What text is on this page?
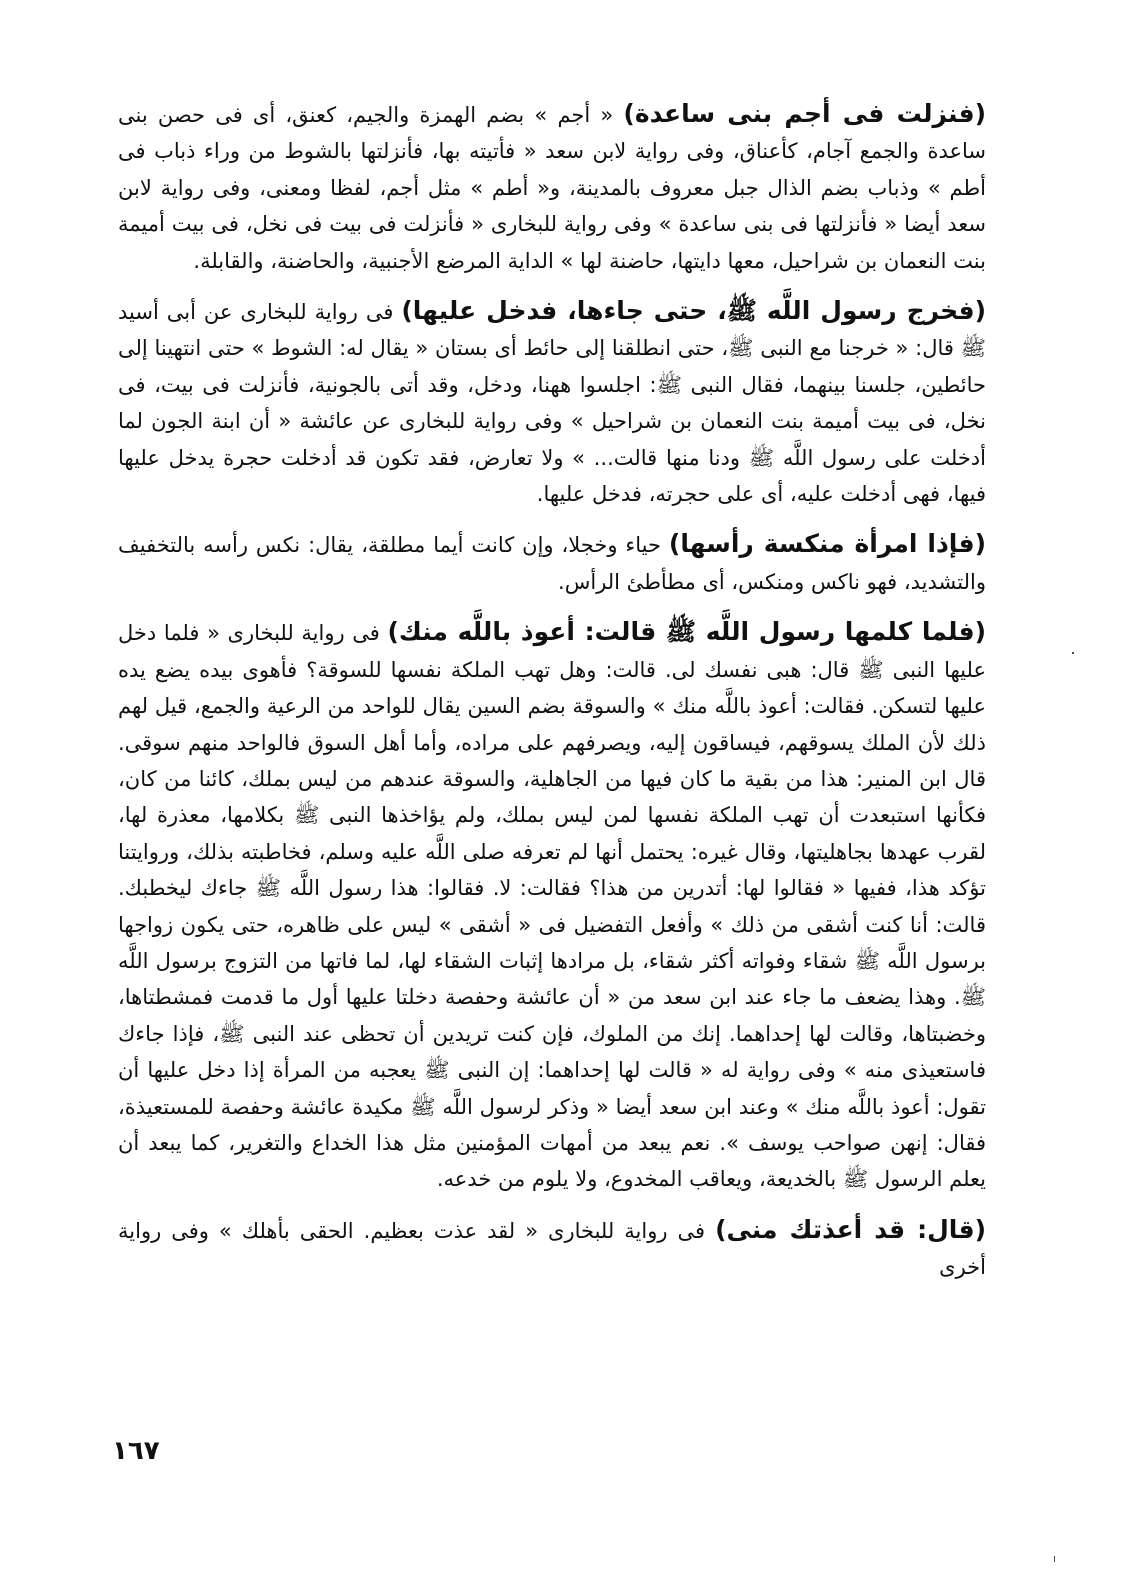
(فنزلت فى أجم بنى ساعدة) « أجم » بضم الهمزة والجيم، كعنق، أى فى حصن بنى ساعدة والجمع آجام، كأعناق، وفى رواية لابن سعد « فأتيته بها، فأنزلتها بالشوط من وراء ذباب فى أطم » وذباب بضم الذال جبل معروف بالمدينة، و« أطم » مثل أجم، لفظا ومعنى، وفى رواية لابن سعد أيضا « فأنزلتها فى بنى ساعدة » وفى رواية للبخارى « فأنزلت فى بيت فى نخل، فى بيت أميمة بنت النعمان بن شراحيل، معها دايتها، حاضنة لها » الداية المرضع الأجنبية، والحاضنة، والقابلة.

(فخرج رسول اللَّه ﷺ، حتى جاءها، فدخل عليها) فى رواية للبخارى عن أبى أسيد ﷺ قال: « خرجنا مع النبى ﷺ، حتى انطلقنا إلى حائط أى بستان « يقال له: الشوط » حتى انتهينا إلى حائطين، جلسنا بينهما، فقال النبى ﷺ: اجلسوا ههنا، ودخل، وقد أتى بالجونية، فأنزلت فى بيت، فى نخل، فى بيت أميمة بنت النعمان بن شراحيل » وفى رواية للبخارى عن عائشة « أن ابنة الجون لما أدخلت على رسول اللَّه ﷺ ودنا منها قالت... » ولا تعارض، فقد تكون قد أدخلت حجرة يدخل عليها فيها، فهى أدخلت عليه، أى على حجرته، فدخل عليها.

(فإذا امرأة منكسة رأسها) حياء وخجلا، وإن كانت أيما مطلقة، يقال: نكس رأسه بالتخفيف والتشديد، فهو ناكس ومنكس، أى مطأطئ الرأس.

(فلما كلمها رسول اللَّه ﷺ قالت: أعوذ باللَّه منك) فى رواية للبخارى « فلما دخل عليها النبى ﷺ قال: هبى نفسك لى. قالت: وهل تهب الملكة نفسها للسوقة؟ فأهوى بيده يضع يده عليها لتسكن. فقالت: أعوذ باللَّه منك » والسوقة بضم السين يقال للواحد من الرعية والجمع، قيل لهم ذلك لأن الملك يسوقهم، فيساقون إليه، ويصرفهم على مراده، وأما أهل السوق فالواحد منهم سوقى. قال ابن المنير: هذا من بقية ما كان فيها من الجاهلية، والسوقة عندهم من ليس بملك، كائنا من كان، فكأنها استبعدت أن تهب الملكة نفسها لمن ليس بملك، ولم يؤاخذها النبى ﷺ بكلامها، معذرة لها، لقرب عهدها بجاهليتها، وقال غيره: يحتمل أنها لم تعرفه صلى اللَّه عليه وسلم، فخاطبته بذلك، وروايتنا تؤكد هذا، ففيها « فقالوا لها: أتدرين من هذا؟ فقالت: لا. فقالوا: هذا رسول اللَّه ﷺ جاءك ليخطبك. قالت: أنا كنت أشقى من ذلك » وأفعل التفضيل فى « أشقى » ليس على ظاهره، حتى يكون زواجها برسول اللَّه ﷺ شقاء وفواته أكثر شقاء، بل مرادها إثبات الشقاء لها، لما فاتها من التزوج برسول اللَّه ﷺ. وهذا يضعف ما جاء عند ابن سعد من « أن عائشة وحفصة دخلتا عليها أول ما قدمت فمشطتاها، وخضبتاها، وقالت لها إحداهما. إنك من الملوك، فإن كنت تريدين أن تحظى عند النبى ﷺ، فإذا جاءك فاستعيذى منه » وفى رواية له « قالت لها إحداهما: إن النبى ﷺ يعجبه من المرأة إذا دخل عليها أن تقول: أعوذ باللَّه منك » وعند ابن سعد أيضا « وذكر لرسول اللَّه ﷺ مكيدة عائشة وحفصة للمستعيذة، فقال: إنهن صواحب يوسف ». نعم يبعد من أمهات المؤمنين مثل هذا الخداع والتغرير، كما يبعد أن يعلم الرسول ﷺ بالخديعة، ويعاقب المخدوع، ولا يلوم من خدعه.

(قال: قد أعذتك منى) فى رواية للبخارى « لقد عذت بعظيم. الحقى بأهلك » وفى رواية أخرى

١٦٧
